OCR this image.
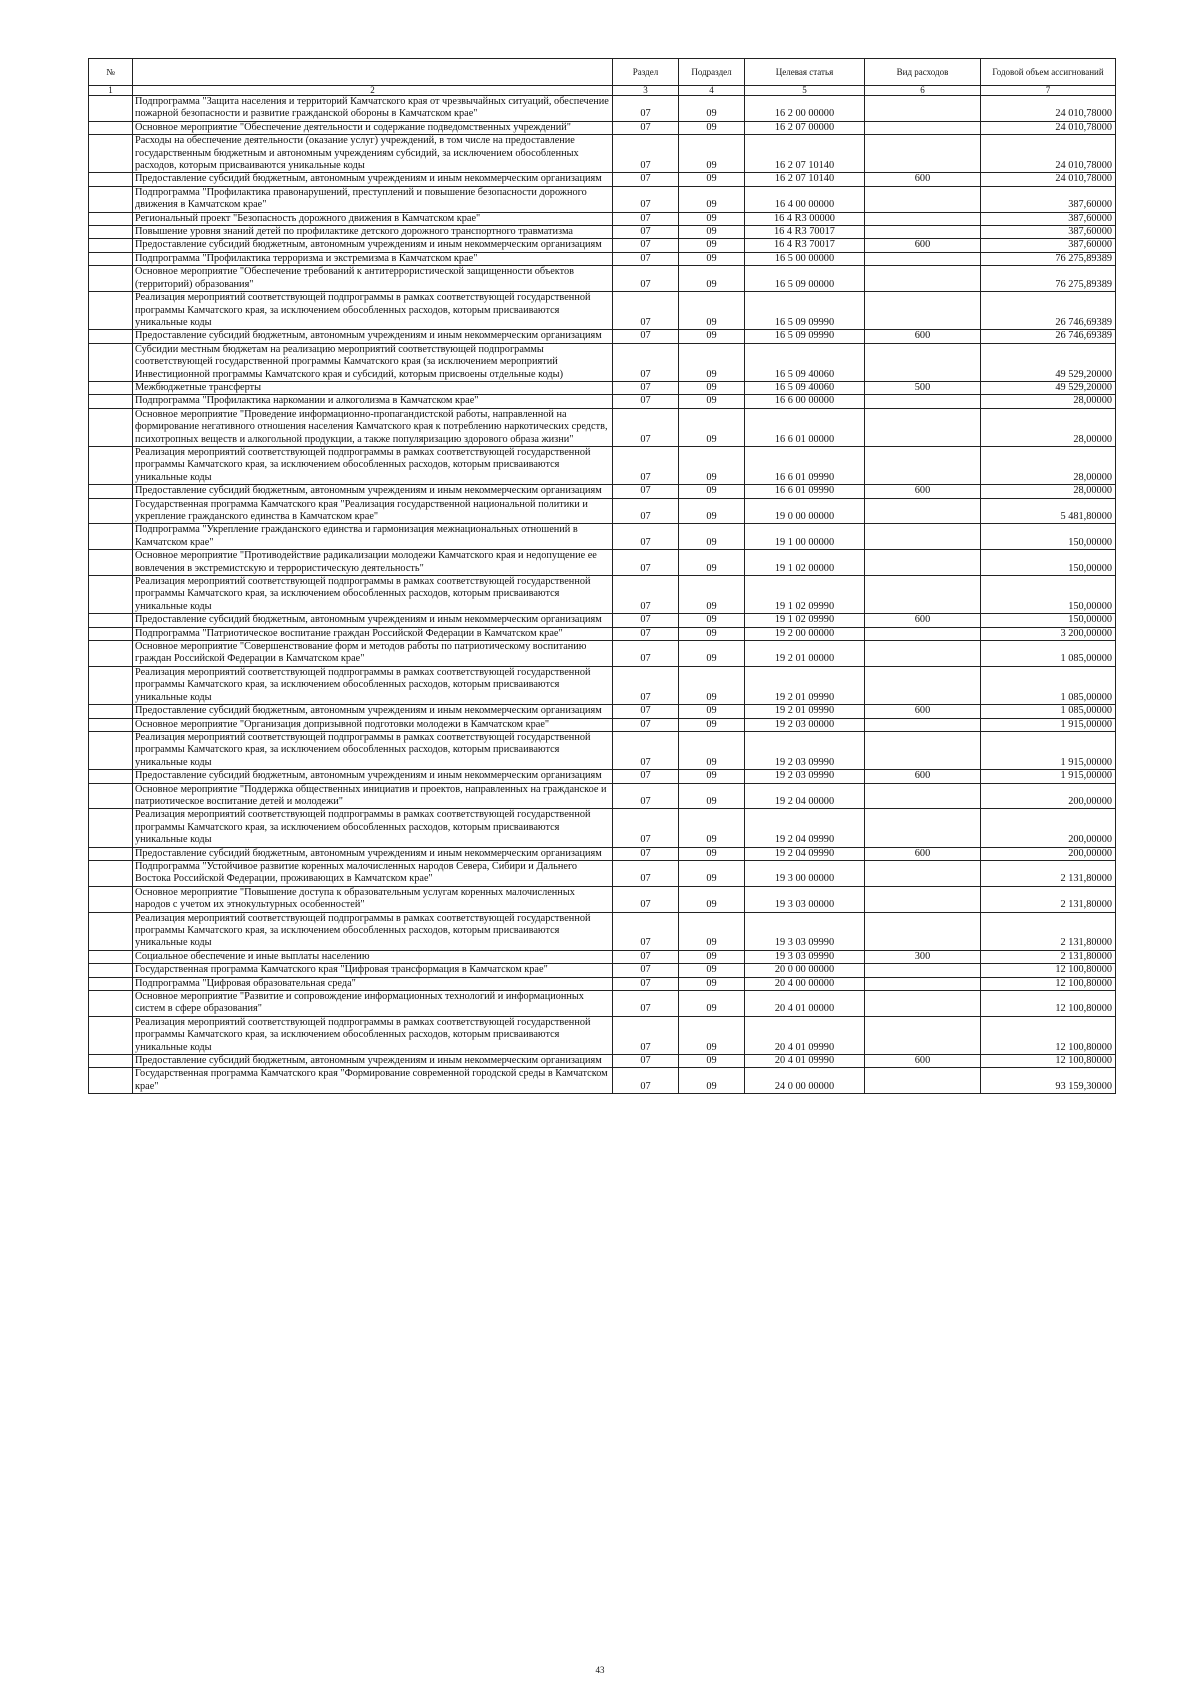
№		Раздел	Подраздел	Целевая статья	Вид расходов	Годовой объем ассигнований
1	2	3	4	5	6	7
	Подпрограмма "Защита населения и территорий Камчатского края от чрезвычайных ситуаций, обеспечение пожарной безопасности и развитие гражданской обороны в Камчатском крае"	07	09	16 2 00 00000		24 010,78000
	Основное мероприятие "Обеспечение деятельности и содержание подведомственных учреждений"	07	09	16 2 07 00000		24 010,78000
	Расходы на обеспечение деятельности (оказание услуг) учреждений, в том числе на предоставление государственным бюджетным и автономным учреждениям субсидий, за исключением обособленных расходов, которым присваиваются уникальные коды	07	09	16 2 07 10140		24 010,78000
	Предоставление субсидий бюджетным, автономным учреждениям и иным некоммерческим организациям	07	09	16 2 07 10140	600	24 010,78000
	Подпрограмма "Профилактика правонарушений, преступлений и повышение безопасности дорожного движения в Камчатском крае"	07	09	16 4 00 00000		387,60000
	Региональный проект "Безопасность дорожного движения в Камчатском крае"	07	09	16 4 R3 00000		387,60000
	Повышение уровня знаний детей по профилактике детского дорожного транспортного травматизма	07	09	16 4 R3 70017		387,60000
	Предоставление субсидий бюджетным, автономным учреждениям и иным некоммерческим организациям	07	09	16 4 R3 70017	600	387,60000
	Подпрограмма "Профилактика терроризма и экстремизма в Камчатском крае"	07	09	16 5 00 00000		76 275,89389
	Основное мероприятие "Обеспечение требований к антитеррористической защищенности объектов (территорий) образования"	07	09	16 5 09 00000		76 275,89389
	Реализация мероприятий соответствующей подпрограммы в рамках соответствующей государственной программы Камчатского края, за исключением обособленных расходов, которым присваиваются уникальные коды	07	09	16 5 09 09990		26 746,69389
	Предоставление субсидий бюджетным, автономным учреждениям и иным некоммерческим организациям	07	09	16 5 09 09990	600	26 746,69389
	Субсидии местным бюджетам на реализацию мероприятий соответствующей подпрограммы соответствующей государственной программы Камчатского края (за исключением мероприятий Инвестиционной программы Камчатского края и субсидий, которым присвоены отдельные коды)	07	09	16 5 09 40060		49 529,20000
	Межбюджетные трансферты	07	09	16 5 09 40060	500	49 529,20000
	Подпрограмма "Профилактика наркомании и алкоголизма в Камчатском крае"	07	09	16 6 00 00000		28,00000
	Основное мероприятие "Проведение информационно-пропагандистской работы, направленной на формирование негативного отношения населения Камчатского края к потреблению наркотических средств, психотропных веществ и алкогольной продукции, а также популяризацию здорового образа жизни"	07	09	16 6 01 00000		28,00000
	Реализация мероприятий соответствующей подпрограммы в рамках соответствующей государственной программы Камчатского края, за исключением обособленных расходов, которым присваиваются уникальные коды	07	09	16 6 01 09990		28,00000
	Предоставление субсидий бюджетным, автономным учреждениям и иным некоммерческим организациям	07	09	16 6 01 09990	600	28,00000
	Государственная программа Камчатского края "Реализация государственной национальной политики и укрепление гражданского единства в Камчатском крае"	07	09	19 0 00 00000		5 481,80000
	Подпрограмма "Укрепление гражданского единства и гармонизация межнациональных отношений в Камчатском крае"	07	09	19 1 00 00000		150,00000
	Основное мероприятие "Противодействие радикализации молодежи Камчатского края и недопущение ее вовлечения в экстремистскую и террористическую деятельность"	07	09	19 1 02 00000		150,00000
	Реализация мероприятий соответствующей подпрограммы в рамках соответствующей государственной программы Камчатского края, за исключением обособленных расходов, которым присваиваются уникальные коды	07	09	19 1 02 09990		150,00000
	Предоставление субсидий бюджетным, автономным учреждениям и иным некоммерческим организациям	07	09	19 1 02 09990	600	150,00000
	Подпрограмма "Патриотическое воспитание граждан Российской Федерации в Камчатском крае"	07	09	19 2 00 00000		3 200,00000
	Основное мероприятие "Совершенствование форм и методов работы по патриотическому воспитанию граждан Российской Федерации в Камчатском крае"	07	09	19 2 01 00000		1 085,00000
	Реализация мероприятий соответствующей подпрограммы в рамках соответствующей государственной программы Камчатского края, за исключением обособленных расходов, которым присваиваются уникальные коды	07	09	19 2 01 09990		1 085,00000
	Предоставление субсидий бюджетным, автономным учреждениям и иным некоммерческим организациям	07	09	19 2 01 09990	600	1 085,00000
	Основное мероприятие "Организация допризывной подготовки молодежи в Камчатском крае"	07	09	19 2 03 00000		1 915,00000
	Реализация мероприятий соответствующей подпрограммы в рамках соответствующей государственной программы Камчатского края, за исключением обособленных расходов, которым присваиваются уникальные коды	07	09	19 2 03 09990		1 915,00000
	Предоставление субсидий бюджетным, автономным учреждениям и иным некоммерческим организациям	07	09	19 2 03 09990	600	1 915,00000
	Основное мероприятие "Поддержка общественных инициатив и проектов, направленных на гражданское и патриотическое воспитание детей и молодежи"	07	09	19 2 04 00000		200,00000
	Реализация мероприятий соответствующей подпрограммы в рамках соответствующей государственной программы Камчатского края, за исключением обособленных расходов, которым присваиваются уникальные коды	07	09	19 2 04 09990		200,00000
	Предоставление субсидий бюджетным, автономным учреждениям и иным некоммерческим организациям	07	09	19 2 04 09990	600	200,00000
	Подпрограмма "Устойчивое развитие коренных малочисленных народов Севера, Сибири и Дальнего Востока Российской Федерации, проживающих в Камчатском крае"	07	09	19 3 00 00000		2 131,80000
	Основное мероприятие "Повышение доступа к образовательным услугам коренных малочисленных народов с учетом их этнокультурных особенностей"	07	09	19 3 03 00000		2 131,80000
	Реализация мероприятий соответствующей подпрограммы в рамках соответствующей государственной программы Камчатского края, за исключением обособленных расходов, которым присваиваются уникальные коды	07	09	19 3 03 09990		2 131,80000
	Социальное обеспечение и иные выплаты населению	07	09	19 3 03 09990	300	2 131,80000
	Государственная программа Камчатского края "Цифровая трансформация в Камчатском крае"	07	09	20 0 00 00000		12 100,80000
	Подпрограмма "Цифровая образовательная среда"	07	09	20 4 00 00000		12 100,80000
	Основное мероприятие "Развитие и сопровождение информационных технологий и информационных систем в сфере образования"	07	09	20 4 01 00000		12 100,80000
	Реализация мероприятий соответствующей подпрограммы в рамках соответствующей государственной программы Камчатского края, за исключением обособленных расходов, которым присваиваются уникальные коды	07	09	20 4 01 09990		12 100,80000
	Предоставление субсидий бюджетным, автономным учреждениям и иным некоммерческим организациям	07	09	20 4 01 09990	600	12 100,80000
	Государственная программа Камчатского края "Формирование современной городской среды в Камчатском крае"	07	09	24 0 00 00000		93 159,30000
43
